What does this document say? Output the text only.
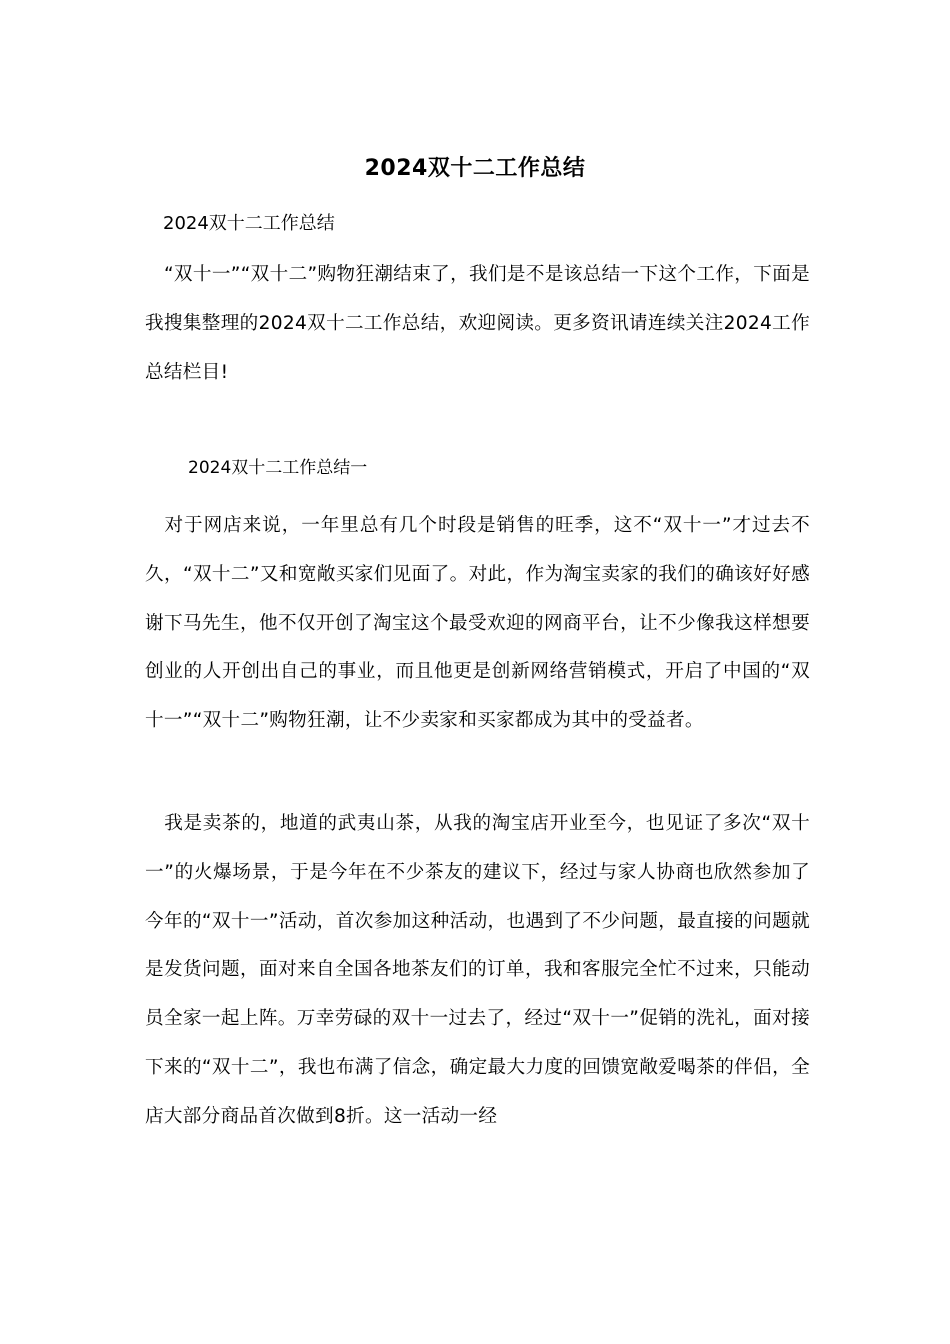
2024双十二工作总结
2024双十二工作总结
　“双十一”“双十二”购物狂潮结束了，我们是不是该总结一下这个工作，下面是我搜集整理的2024双十二工作总结，欢迎阅读。更多资讯请连续关注2024工作总结栏目!
2024双十二工作总结一
　对于网店来说，一年里总有几个时段是销售的旺季，这不“双十一”才过去不久，“双十二”又和宽敞买家们见面了。对此，作为淘宝卖家的我们的确该好好感谢下马先生，他不仅开创了淘宝这个最受欢迎的网商平台，让不少像我这样想要创业的人开创出自己的事业，而且他更是创新网络营销模式，开启了中国的“双十一”“双十二”购物狂潮，让不少卖家和买家都成为其中的受益者。
　我是卖茶的，地道的武夷山茶，从我的淘宝店开业至今，也见证了多次“双十一”的火爆场景，于是今年在不少茶友的建议下，经过与家人协商也欣然参加了今年的“双十一”活动，首次参加这种活动，也遇到了不少问题，最直接的问题就是发货问题，面对来自全国各地茶友们的订单，我和客服完全忙不过来，只能动员全家一起上阵。万幸劳碌的双十一过去了，经过“双十一”促销的洗礼，面对接下来的“双十二”，我也布满了信念，确定最大力度的回馈宽敞爱喝茶的伴侣，全店大部分商品首次做到8折。这一活动一经
